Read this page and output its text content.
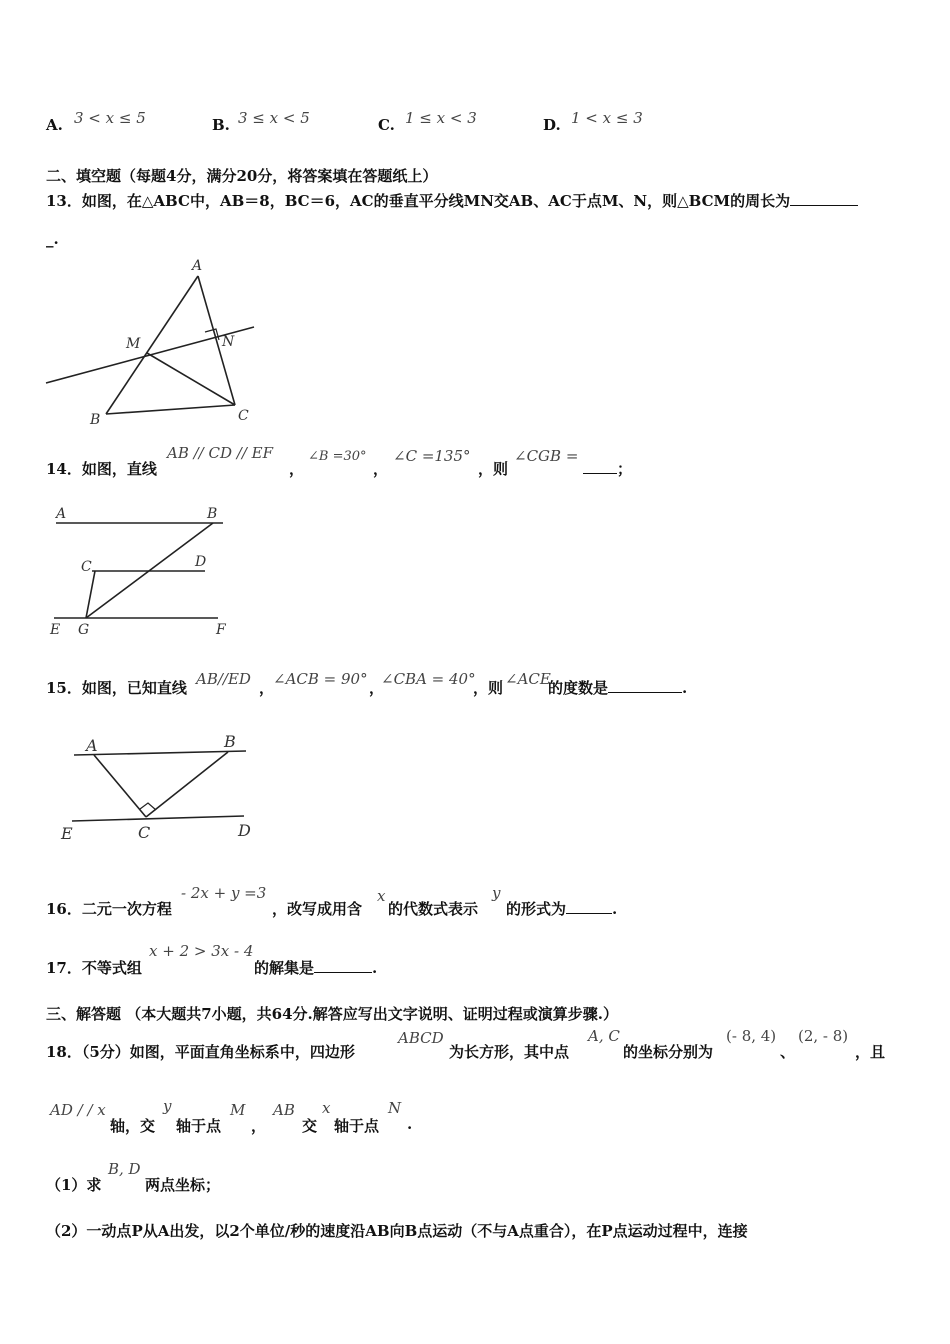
A. 3 < x ≤ 5	B. 3 ≤ x < 5	C. 1 ≤ x < 3	D. 1 < x ≤ 3
二、填空题（每题4分，满分20分，将答案填在答题纸上）
13．如图，在△ABC中，AB＝8，BC＝6，AC的垂直平分线MN交AB、AC于点M、N，则△BCM的周长为
_.
A
M	N
B	C
14．如图，直线
AB // CD // EF
，
∠B =30°
，
∠C =135°
，则
∠CGB =
；
A	B
C	D
E G	F
15．如图，已知直线 AB//ED ，
∠ACB = 90° ，
∠CBA = 40°
，则 ∠ACE
的度数是	.
A	B
E	C	D
16．二元一次方程
- 2x + y =3
，改写成用含
x
的代数式表示
y
的形式为	.
17．不等式组
x + 2 > 3x - 4
的解集是	.
三、解答题 （本大题共7小题，共64分.解答应写出文字说明、证明过程或演算步骤.）
18．（5分）如图，平面直角坐标系中，四边形
ABCD
为长方形，其中点
A, C
的坐标分别为
(- 8, 4)
、
(2, - 8)
，且
AD / / x
轴，交
y
轴于点
M
，
AB
交
x
轴于点
N
.
（1）求
B, D
两点坐标；
（2）一动点P从A出发，以2个单位/秒的速度沿AB向B点运动（不与A点重合），在P点运动过程中，连接
